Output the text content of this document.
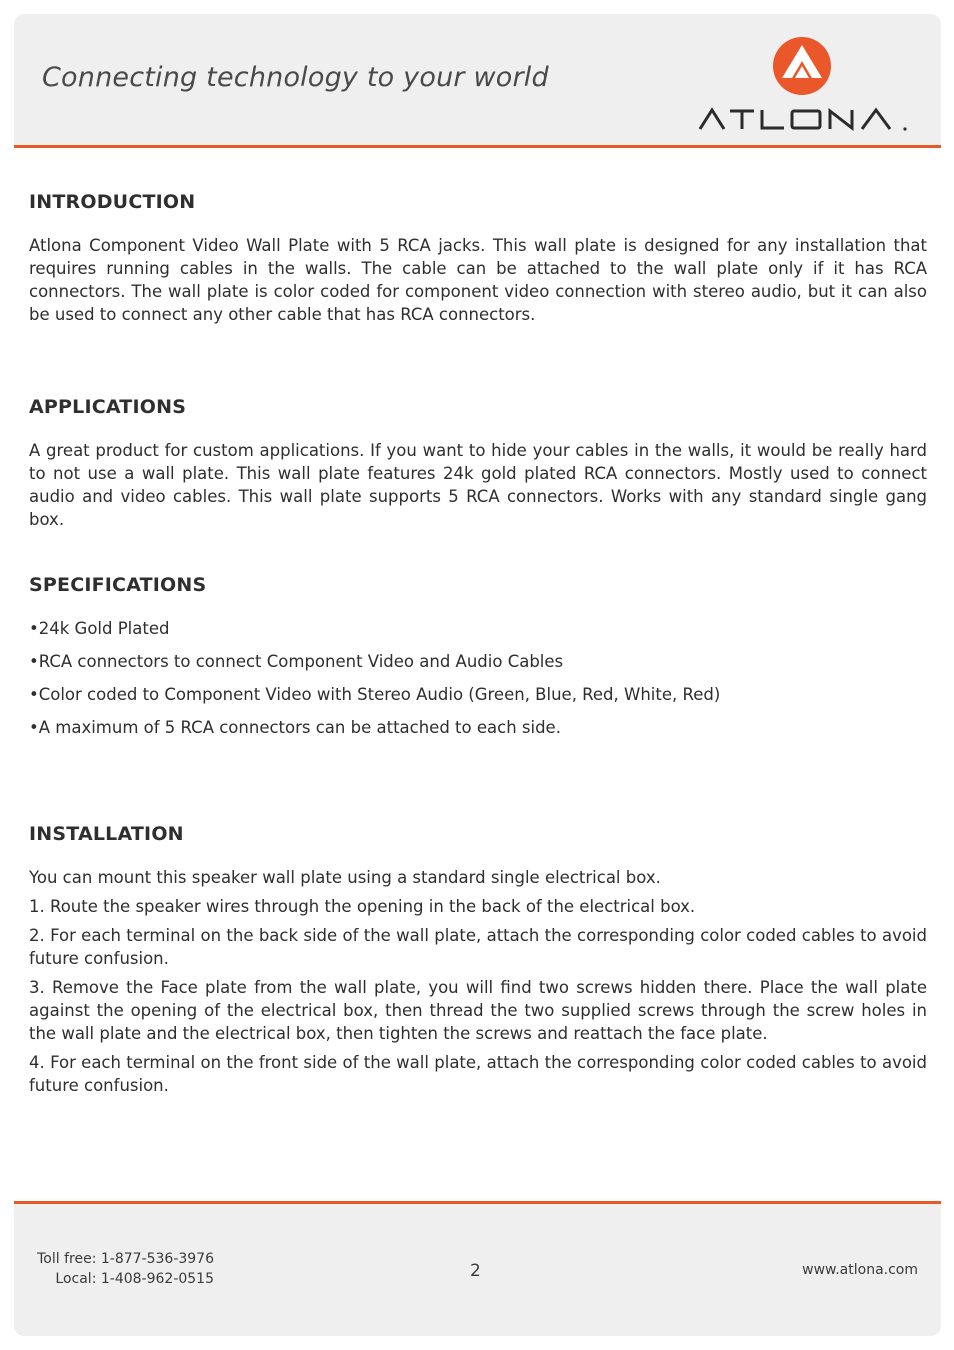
Connecting technology to your world
INTRODUCTION

Atlona Component Video Wall Plate with 5 RCA jacks. This wall plate is designed for any installation that requires running cables in the walls. The cable can be attached to the wall plate only if it has RCA connectors. The wall plate is color coded for component video connection with stereo audio, but it can also be used to connect any other cable that has RCA connectors.

APPLICATIONS

A great product for custom applications. If you want to hide your cables in the walls, it would be really hard to not use a wall plate. This wall plate features 24k gold plated RCA connectors. Mostly used to connect audio and video cables. This wall plate supports 5 RCA connectors. Works with any standard single gang box.

SPECIFICATIONS
• 24k Gold Plated
• RCA connectors to connect Component Video and Audio Cables
• Color coded to Component Video with Stereo Audio (Green, Blue, Red, White, Red)
• A maximum of 5 RCA connectors can be attached to each side.
INSTALLATION

You can mount this speaker wall plate using a standard single electrical box.

1. Route the speaker wires through the opening in the back of the electrical box.

2. For each terminal on the back side of the wall plate, attach the corresponding color coded cables to avoid future confusion.

3. Remove the Face plate from the wall plate, you will find two screws hidden there. Place the wall plate against the opening of the electrical box, then thread the two supplied screws through the screw holes in the wall plate and the electrical box, then tighten the screws and reattach the face plate.

4. For each terminal on the front side of the wall plate, attach the corresponding color coded cables to avoid future confusion.

Toll free: 1-877-536-3976
Local: 1-408-962-0515	2	www.atlona.com
